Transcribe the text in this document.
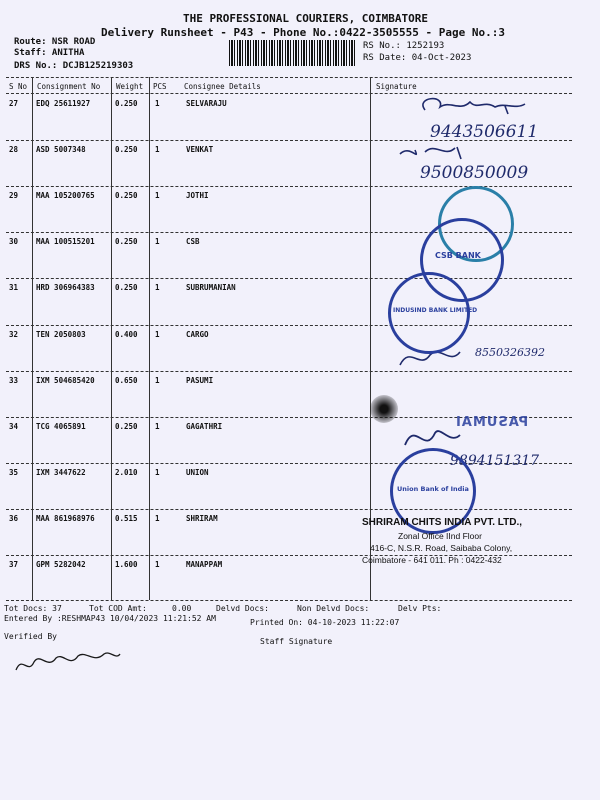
THE PROFESSIONAL COURIERS, COIMBATORE
Delivery Runsheet - P43 - Phone No.:0422-3505555 - Page No.:3
Route: NSR ROAD
Staff: ANITHA
DRS No.: DCJB125219303
RS No.: 1252193
RS Date: 04-Oct-2023
S No Consignment No Weight PCS Consignee Details	Signature
27 EDQ 25611927	0.250 1	SELVARAJU
28 ASD 5007348	0.250 1	VENKAT
29 MAA 105200765	0.250 1	JOTHI
30 MAA 100515201	0.250 1	CSB
31 HRD 306964383	0.250 1	SUBRUMANIAN
32 TEN 2050803	0.400 1	CARGO
33 IXM 504685420	0.650 1	PASUMI
34 TCG 4065891	0.250 1	GAGATHRI
35 IXM 3447622	2.010 1	UNION
36 MAA 861968976	0.515 1	SHRIRAM
37 GPM 5282042	1.600 1	MANAPPAM
Tot Docs: 37	Tot COD Amt:	0.00	Delvd Docs:	Non Delvd Docs:	Delv Pts:
Entered By :RESHMAP43 10/04/2023 11:21:52 AM	Printed On: 04-10-2023 11:22:07
Verified By
Staff Signature
9443506611
9500850009
8550326392
9894151317
CSB BANK
INDUSIND BANK LIMITED
Union Bank of India
PASUMAI
SHRIRAM CHITS INDIA PVT. LTD.,
Zonal Office IInd Floor
416-C, N.S.R. Road, Saibaba Colony,
Coimbatore - 641 011. Ph : 0422-432
